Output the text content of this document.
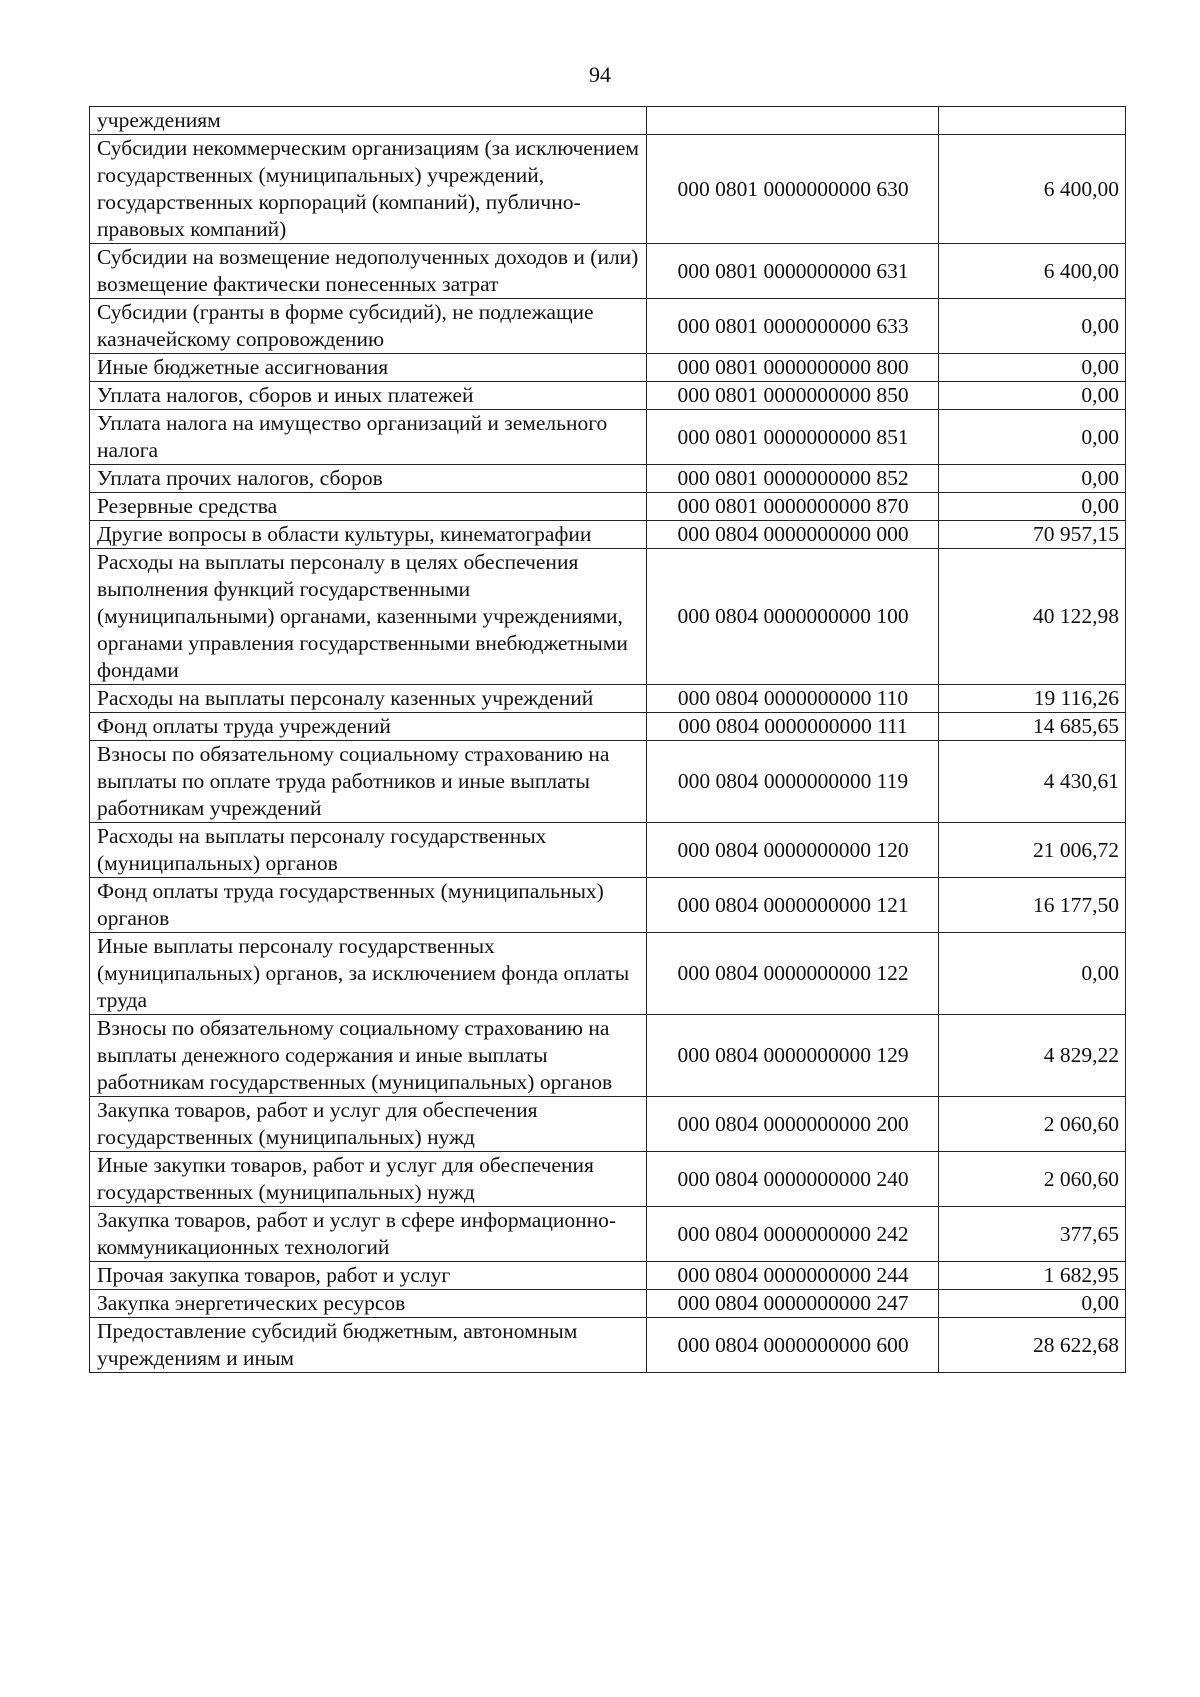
94
учреждениям		
Субсидии некоммерческим организациям (за исключением государственных (муниципальных) учреждений, государственных корпораций (компаний), публично-правовых компаний)	000 0801 0000000000 630	6 400,00
Субсидии на возмещение недополученных доходов и (или) возмещение фактически понесенных затрат	000 0801 0000000000 631	6 400,00
Субсидии (гранты в форме субсидий), не подлежащие казначейскому сопровождению	000 0801 0000000000 633	0,00
Иные бюджетные ассигнования	000 0801 0000000000 800	0,00
Уплата налогов, сборов и иных платежей	000 0801 0000000000 850	0,00
Уплата налога на имущество организаций и земельного налога	000 0801 0000000000 851	0,00
Уплата прочих налогов, сборов	000 0801 0000000000 852	0,00
Резервные средства	000 0801 0000000000 870	0,00
Другие вопросы в области культуры, кинематографии	000 0804 0000000000 000	70 957,15
Расходы на выплаты персоналу в целях обеспечения выполнения функций государственными (муниципальными) органами, казенными учреждениями, органами управления государственными внебюджетными фондами	000 0804 0000000000 100	40 122,98
Расходы на выплаты персоналу казенных учреждений	000 0804 0000000000 110	19 116,26
Фонд оплаты труда учреждений	000 0804 0000000000 111	14 685,65
Взносы по обязательному социальному страхованию на выплаты по оплате труда работников и иные выплаты работникам учреждений	000 0804 0000000000 119	4 430,61
Расходы на выплаты персоналу государственных (муниципальных) органов	000 0804 0000000000 120	21 006,72
Фонд оплаты труда государственных (муниципальных) органов	000 0804 0000000000 121	16 177,50
Иные выплаты персоналу государственных (муниципальных) органов, за исключением фонда оплаты труда	000 0804 0000000000 122	0,00
Взносы по обязательному социальному страхованию на выплаты денежного содержания и иные выплаты работникам государственных (муниципальных) органов	000 0804 0000000000 129	4 829,22
Закупка товаров, работ и услуг для обеспечения государственных (муниципальных) нужд	000 0804 0000000000 200	2 060,60
Иные закупки товаров, работ и услуг для обеспечения государственных (муниципальных) нужд	000 0804 0000000000 240	2 060,60
Закупка товаров, работ и услуг в сфере информационно-коммуникационных технологий	000 0804 0000000000 242	377,65
Прочая закупка товаров, работ и услуг	000 0804 0000000000 244	1 682,95
Закупка энергетических ресурсов	000 0804 0000000000 247	0,00
Предоставление субсидий бюджетным, автономным учреждениям и иным	000 0804 0000000000 600	28 622,68
